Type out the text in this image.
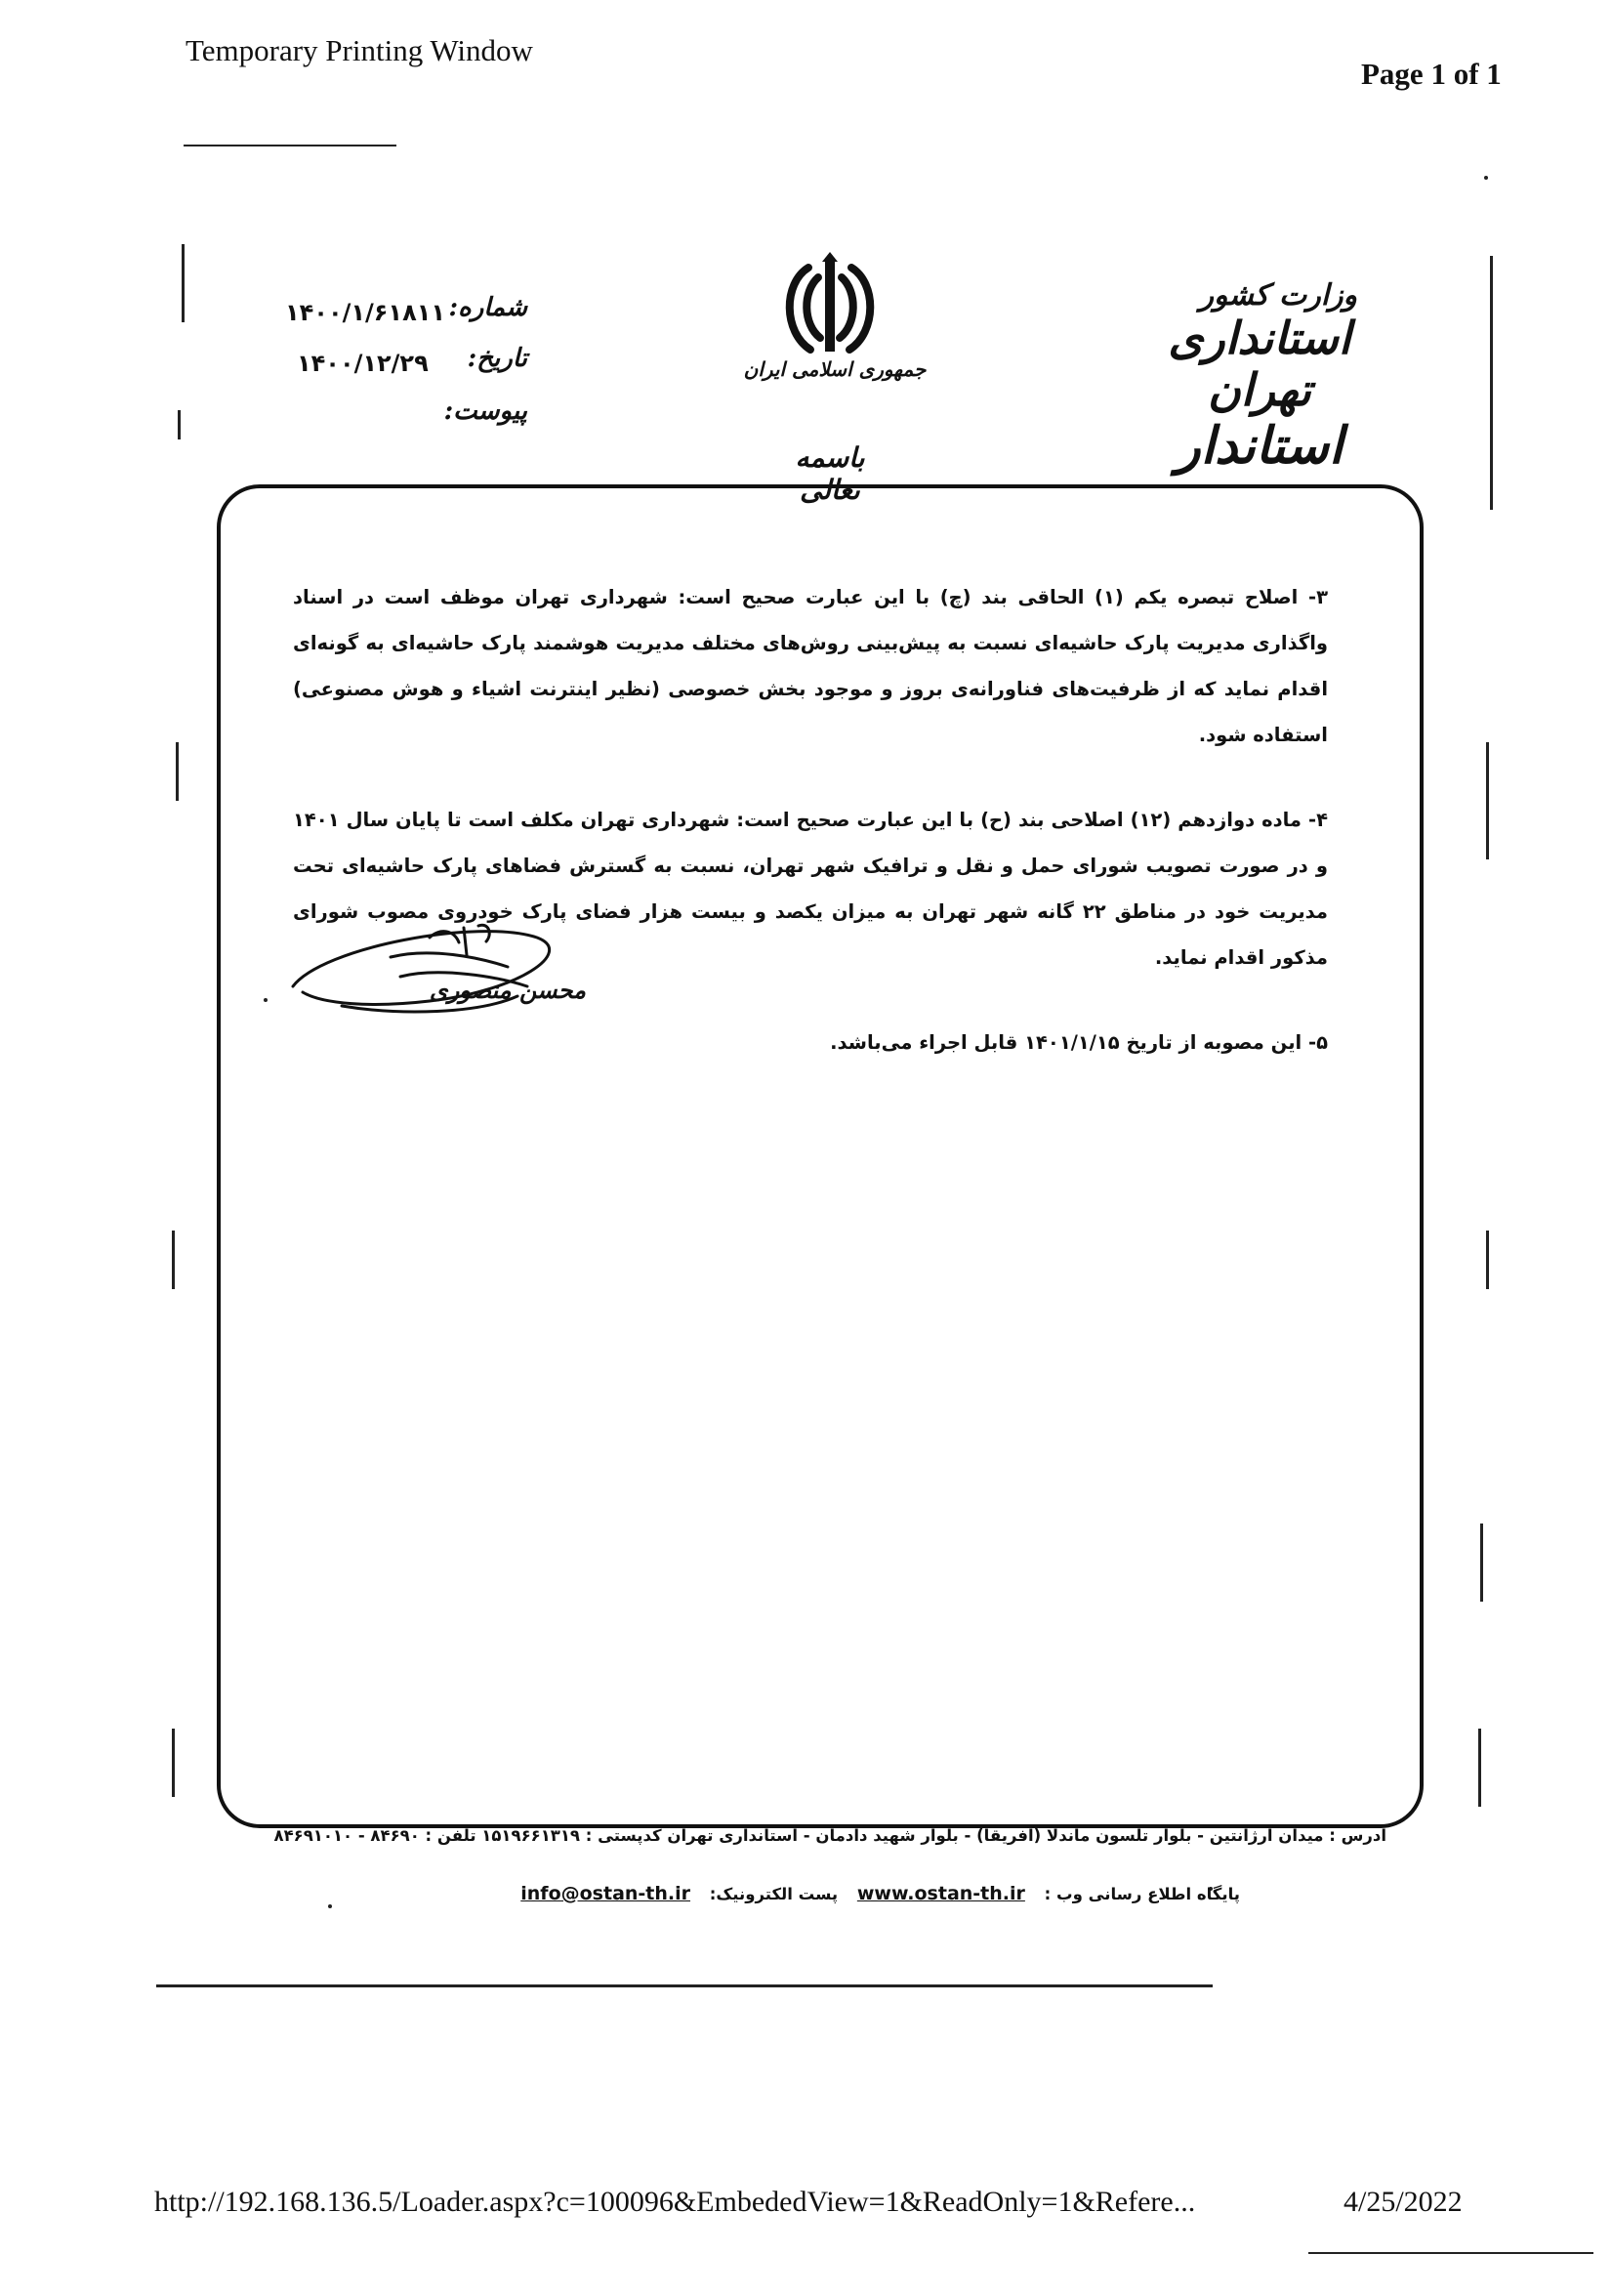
Temporary Printing Window
Page 1 of 1
وزارت کشور
استانداری تهران
استاندار
جمهوری اسلامی ایران
باسمه تعالی
شماره:
۱۴۰۰/۱/۶۱۸۱۱
تاریخ:
۱۴۰۰/۱۲/۲۹
پیوست:

۳- اصلاح تبصره یکم (۱) الحاقی بند (چ) با این عبارت صحیح است: شهرداری تهران موظف است در اسناد واگذاری مدیریت پارک حاشیه‌ای نسبت به پیش‌بینی روش‌های مختلف مدیریت هوشمند پارک حاشیه‌ای به گونه‌ای اقدام نماید که از ظرفیت‌های فناورانه‌ی بروز و موجود بخش خصوصی (نظیر اینترنت اشیاء و هوش مصنوعی) استفاده شود.

۴- ماده دوازدهم (۱۲) اصلاحی بند (ح) با این عبارت صحیح است: شهرداری تهران مکلف است تا پایان سال ۱۴۰۱ و در صورت تصویب شورای حمل و نقل و ترافیک شهر تهران، نسبت به گسترش فضاهای پارک حاشیه‌ای تحت مدیریت خود در مناطق ۲۲ گانه شهر تهران به میزان یکصد و بیست هزار فضای پارک خودروی مصوب شورای مذکور اقدام نماید.

۵- این مصوبه از تاریخ ۱۴۰۱/۱/۱۵ قابل اجراء می‌باشد.

محسن منصوری
آدرس : میدان آرژانتین - بلوار تلسون ماندلا (آفریقا) - بلوار شهید دادمان - استانداری تهران کدپستی : ۱۵۱۹۶۶۱۳۱۹ تلفن : ۸۴۶۹۰ - ۸۴۶۹۱۰۱۰
پایگاه اطلاع رسانی وب : www.ostan-th.ir پست الکترونیک: info@ostan-th.ir
http://192.168.136.5/Loader.aspx?c=100096&EmbededView=1&ReadOnly=1&Refere...	4/25/2022
